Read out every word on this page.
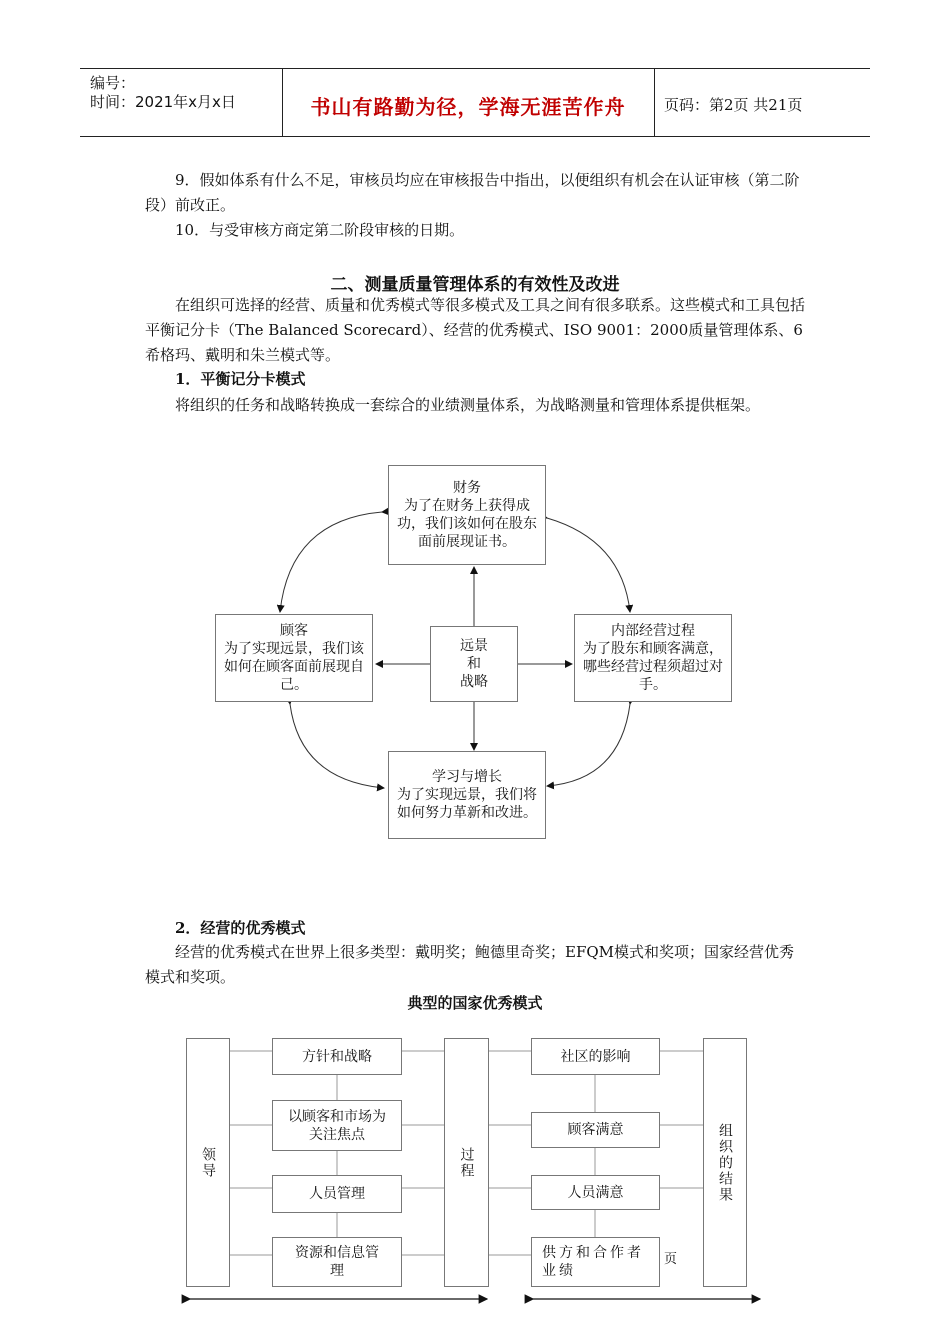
编号：
时间：2021年x月x日	书山有路勤为径，学海无涯苦作舟	页码：第2页 共21页
9．假如体系有什么不足，审核员均应在审核报告中指出，以便组织有机会在认证审核（第二阶段）前改正。
10．与受审核方商定第二阶段审核的日期。
二、测量质量管理体系的有效性及改进
在组织可选择的经营、质量和优秀模式等很多模式及工具之间有很多联系。这些模式和工具包括平衡记分卡（The Balanced Scorecard）、经营的优秀模式、ISO 9001：2000质量管理体系、6希格玛、戴明和朱兰模式等。
1．平衡记分卡模式
将组织的任务和战略转换成一套综合的业绩测量体系，为战略测量和管理体系提供框架。
财务
为了在财务上获得成功，我们该如何在股东面前展现证书。
顾客
为了实现远景，我们该如何在顾客面前展现自己。
远景
和
战略
内部经营过程
为了股东和顾客满意，哪些经营过程须超过对手。
学习与增长
为了实现远景，我们将如何努力革新和改进。
2．经营的优秀模式
经营的优秀模式在世界上很多类型：戴明奖；鲍德里奇奖；EFQM模式和奖项；国家经营优秀模式和奖项。
典型的国家优秀模式
领导
方针和战略
以顾客和市场为关注焦点
人员管理
资源和信息管理
过程
社区的影响
顾客满意
人员满意
供方和合作者业绩
页
组织的结果
